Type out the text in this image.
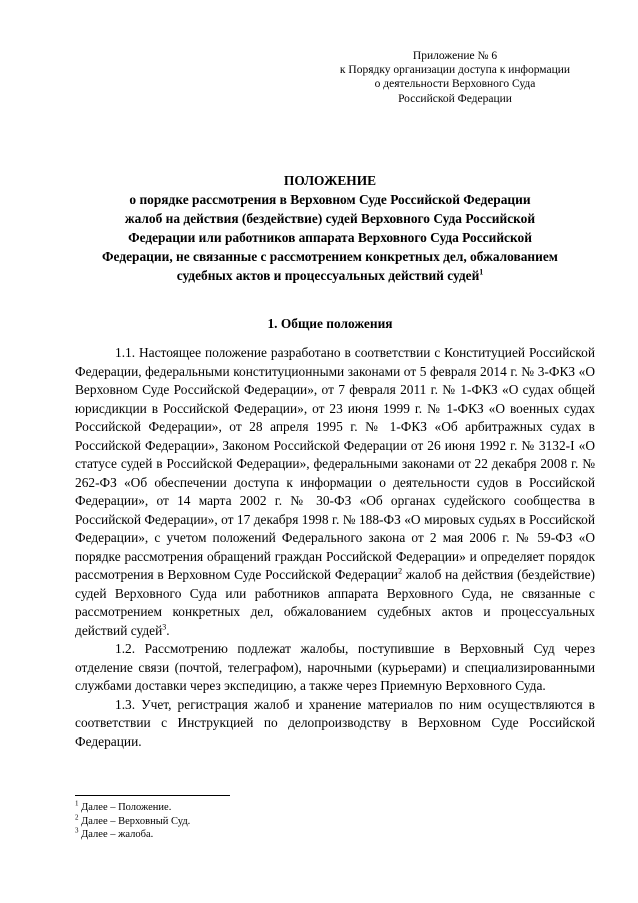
Приложение № 6
к Порядку организации доступа к информации
о деятельности Верховного Суда
Российской Федерации
ПОЛОЖЕНИЕ
о порядке рассмотрения в Верховном Суде Российской Федерации
жалоб на действия (бездействие) судей Верховного Суда Российской
Федерации или работников аппарата Верховного Суда Российской
Федерации, не связанные с рассмотрением конкретных дел, обжалованием
судебных актов и процессуальных действий судей$^1$
1. Общие положения

1.1. Настоящее положение разработано в соответствии с Конституцией Российской Федерации, федеральными конституционными законами от 5 февраля 2014 г. № 3-ФКЗ «О Верховном Суде Российской Федерации», от 7 февраля 2011 г. № 1-ФКЗ «О судах общей юрисдикции в Российской Федерации», от 23 июня 1999 г. № 1-ФКЗ «О военных судах Российской Федерации», от 28 апреля 1995 г. № 1-ФКЗ «Об арбитражных судах в Российской Федерации», Законом Российской Федерации от 26 июня 1992 г. № 3132-I «О статусе судей в Российской Федерации», федеральными законами от 22 декабря 2008 г. № 262-ФЗ «Об обеспечении доступа к информации о деятельности судов в Российской Федерации», от 14 марта 2002 г. № 30-ФЗ «Об органах судейского сообщества в Российской Федерации», от 17 декабря 1998 г. № 188-ФЗ «О мировых судьях в Российской Федерации», с учетом положений Федерального закона от 2 мая 2006 г. № 59-ФЗ «О порядке рассмотрения обращений граждан Российской Федерации» и определяет порядок рассмотрения в Верховном Суде Российской Федерации$^2$ жалоб на действия (бездействие) судей Верховного Суда или работников аппарата Верховного Суда, не связанные с рассмотрением конкретных дел, обжалованием судебных актов и процессуальных действий судей$^3$.

1.2. Рассмотрению подлежат жалобы, поступившие в Верховный Суд через отделение связи (почтой, телеграфом), нарочными (курьерами) и специализированными службами доставки через экспедицию, а также через Приемную Верховного Суда.

1.3. Учет, регистрация жалоб и хранение материалов по ним осуществляются в соответствии с Инструкцией по делопроизводству в Верховном Суде Российской Федерации.

$^1$ Далее – Положение.
$^2$ Далее – Верховный Суд.
$^3$ Далее – жалоба.
